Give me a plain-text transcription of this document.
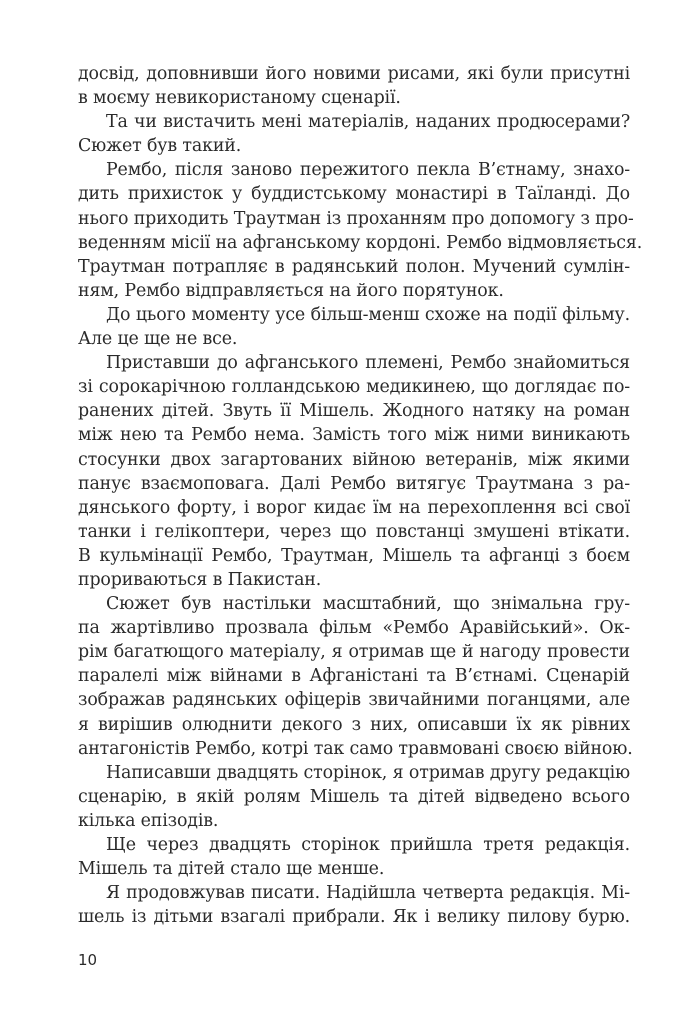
досвід, доповнивши його новими рисами, які були присутні
в моєму невикористаному сценарії.
Та чи вистачить мені матеріалів, наданих продюсерами?
Сюжет був такий.
Рембо, після заново пережитого пекла В’єтнаму, знахо-
дить прихисток у буддистському монастирі в Таїланді. До
нього приходить Траутман із проханням про допомогу з про-
веденням місії на афганському кордоні. Рембо відмовляється.
Траутман потрапляє в радянський полон. Мучений сумлін-
ням, Рембо відправляється на його порятунок.
До цього моменту усе більш-менш схоже на події фільму.
Але це ще не все.
Приставши до афганського племені, Рембо знайомиться
зі сорокарічною голландською медикинею, що доглядає по-
ранених дітей. Звуть її Мішель. Жодного натяку на роман
між нею та Рембо нема. Замість того між ними виникають
стосунки двох загартованих війною ветеранів, між якими
панує взаємоповага. Далі Рембо витягує Траутмана з ра-
дянського форту, і ворог кидає їм на перехоплення всі свої
танки і гелікоптери, через що повстанці змушені втікати.
В кульмінації Рембо, Траутман, Мішель та афганці з боєм
прориваються в Пакистан.
Сюжет був настільки масштабний, що знімальна гру-
па жартівливо прозвала фільм «Рембо Аравійський». Ок-
рім багатющого матеріалу, я отримав ще й нагоду провести
паралелі між війнами в Афганістані та В’єтнамі. Сценарій
зображав радянських офіцерів звичайними поганцями, але
я вирішив олюднити декого з них, описавши їх як рівних
антагоністів Рембо, котрі так само травмовані своєю війною.
Написавши двадцять сторінок, я отримав другу редакцію
сценарію, в якій ролям Мішель та дітей відведено всього
кілька епізодів.
Ще через двадцять сторінок прийшла третя редакція.
Мішель та дітей стало ще менше.
Я продовжував писати. Надійшла четверта редакція. Мі-
шель із дітьми взагалі прибрали. Як і велику пилову бурю.
10
